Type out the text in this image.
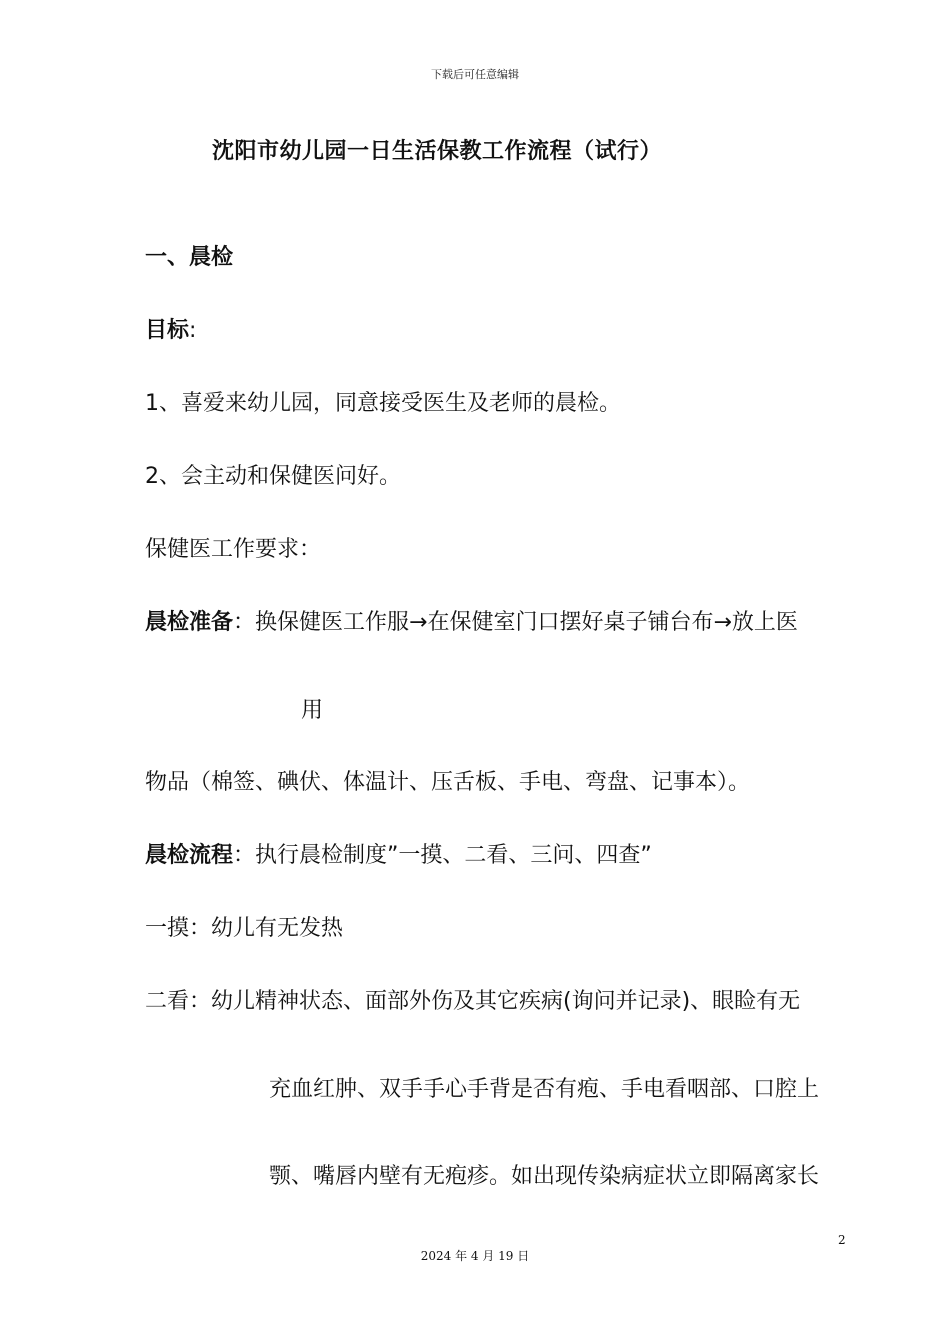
下载后可任意编辑
沈阳市幼儿园一日生活保教工作流程（试行）
一、晨检
目标:
1、喜爱来幼儿园，同意接受医生及老师的晨检。
2、会主动和保健医问好。
保健医工作要求：
晨检准备：换保健医工作服→在保健室门口摆好桌子铺台布→放上医
用
物品（棉签、碘伏、体温计、压舌板、手电、弯盘、记事本）。
晨检流程：执行晨检制度”一摸、二看、三问、四查”
一摸：幼儿有无发热
二看：幼儿精神状态、面部外伤及其它疾病(询问并记录)、眼睑有无
充血红肿、双手手心手背是否有疱、手电看咽部、口腔上
颚、嘴唇内壁有无疱疹。如出现传染病症状立即隔离家长
2
2024 年 4 月 19 日
